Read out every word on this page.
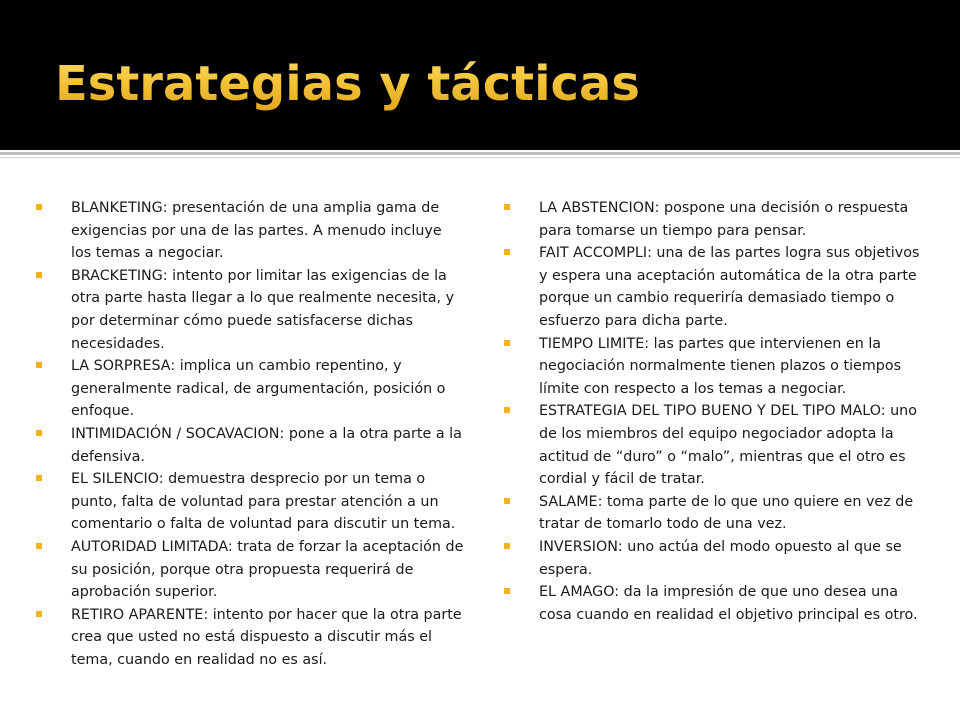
Estrategias y tácticas
BLANKETING: presentación de una amplia gama de exigencias por una de las partes. A menudo incluye los temas a negociar.
BRACKETING: intento por limitar las exigencias de la otra parte hasta llegar a lo que realmente necesita, y por determinar cómo puede satisfacerse dichas necesidades.
LA SORPRESA: implica un cambio repentino, y generalmente radical, de argumentación, posición o enfoque.
INTIMIDACIÓN / SOCAVACION: pone a la otra parte a la defensiva.
EL SILENCIO: demuestra desprecio por un tema o punto, falta de voluntad para prestar atención a un comentario o falta de voluntad para discutir un tema.
AUTORIDAD LIMITADA: trata de forzar la aceptación de su posición, porque otra propuesta requerirá de aprobación superior.
RETIRO APARENTE: intento por hacer que la otra parte crea que usted no está dispuesto a discutir más el tema, cuando en realidad no es así.
LA ABSTENCION: pospone una decisión o respuesta para tomarse un tiempo para pensar.
FAIT ACCOMPLI: una de las partes logra sus objetivos y espera una aceptación automática de la otra parte porque un cambio requeriría demasiado tiempo o esfuerzo para dicha parte.
TIEMPO LIMITE: las partes que intervienen en la negociación normalmente tienen plazos o tiempos límite con respecto a los temas a negociar.
ESTRATEGIA DEL TIPO BUENO Y DEL TIPO MALO: uno de los miembros del equipo negociador adopta la actitud de “duro” o “malo”, mientras que el otro es cordial y fácil de tratar.
SALAME: toma parte de lo que uno quiere en vez de tratar de tomarlo todo de una vez.
INVERSION: uno actúa del modo opuesto al que se espera.
EL AMAGO: da la impresión de que uno desea una cosa cuando en realidad el objetivo principal es otro.
